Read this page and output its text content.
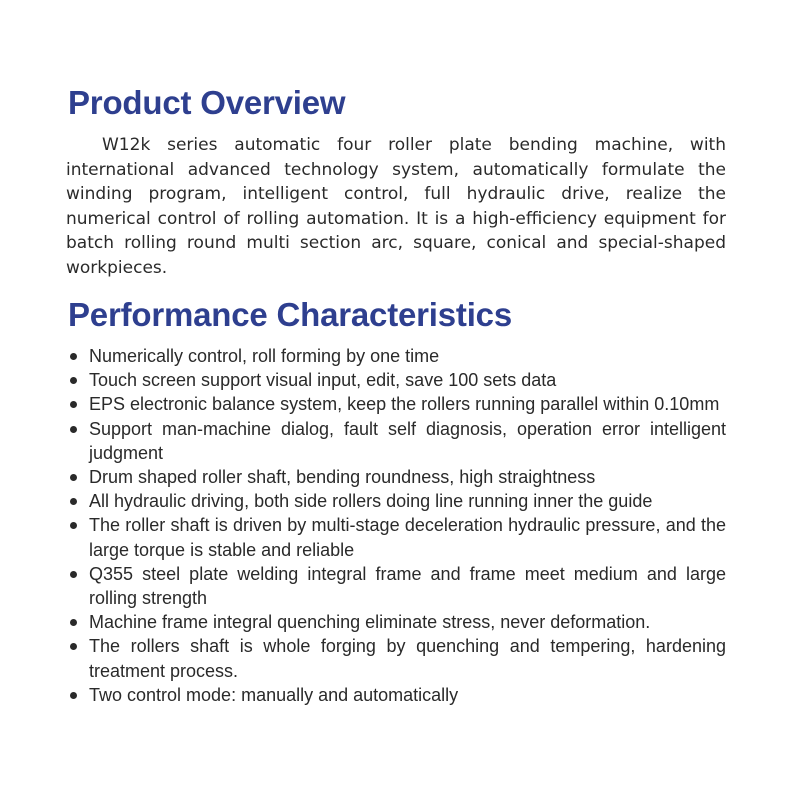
Product Overview

W12k series automatic four roller plate bending machine, with international advanced technology system, automatically formulate the winding program, intelligent control, full hydraulic drive, realize the numerical control of rolling automation. It is a high-efficiency equipment for batch rolling round multi section arc, square, conical and special-shaped workpieces.

Performance Characteristics
Numerically control, roll forming by one time
Touch screen support visual input, edit, save 100 sets data
EPS electronic balance system, keep the rollers running parallel within 0.10mm
Support man-machine dialog, fault self diagnosis, operation error intelligent judgment
Drum shaped roller shaft, bending roundness, high straightness
All hydraulic driving, both side rollers doing line running inner the guide
The roller shaft is driven by multi-stage deceleration hydraulic pressure, and the large torque is stable and reliable
Q355 steel plate welding integral frame and frame meet medium and large rolling strength
Machine frame integral quenching eliminate stress, never deformation.
The rollers shaft is whole forging by quenching and tempering, hardening treatment process.
Two control mode: manually and automatically
